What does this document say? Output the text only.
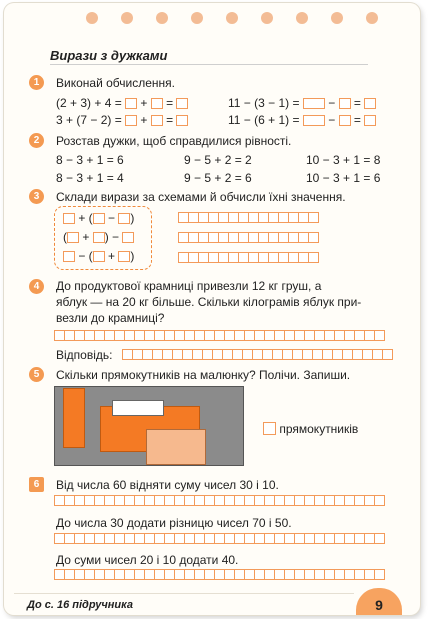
Вирази з дужками
1	Виконай обчислення.
(2 + 3) + 4 = + =
3 + (7 − 2) = + =
11 − (3 − 1) = − =
11 − (6 + 1) = − =
2	Розстав дужки, щоб справдилися рівності.
8 − 3 + 1 = 6	9 − 5 + 2 = 2	10 − 3 + 1 = 8
8 − 3 + 1 = 4	9 − 5 + 2 = 6	10 − 3 + 1 = 6
3	Склади вирази за схемами й обчисли їхні значення.
+ ( − )
( + ) −
− ( + )
4	До продуктової крамниці привезли 12 кг груш, а
яблук — на 20 кг більше. Скільки кілограмів яблук при-
везли до крамниці?
Відповідь:
5	Скільки прямокутників на малюнку? Полічи. Запиши.
прямокутників
6	Від числа 60 відняти суму чисел 30 і 10.
До числа 30 додати різницю чисел 70 і 50.
До суми чисел 20 і 10 додати 40.
До с. 16 підручника	9
